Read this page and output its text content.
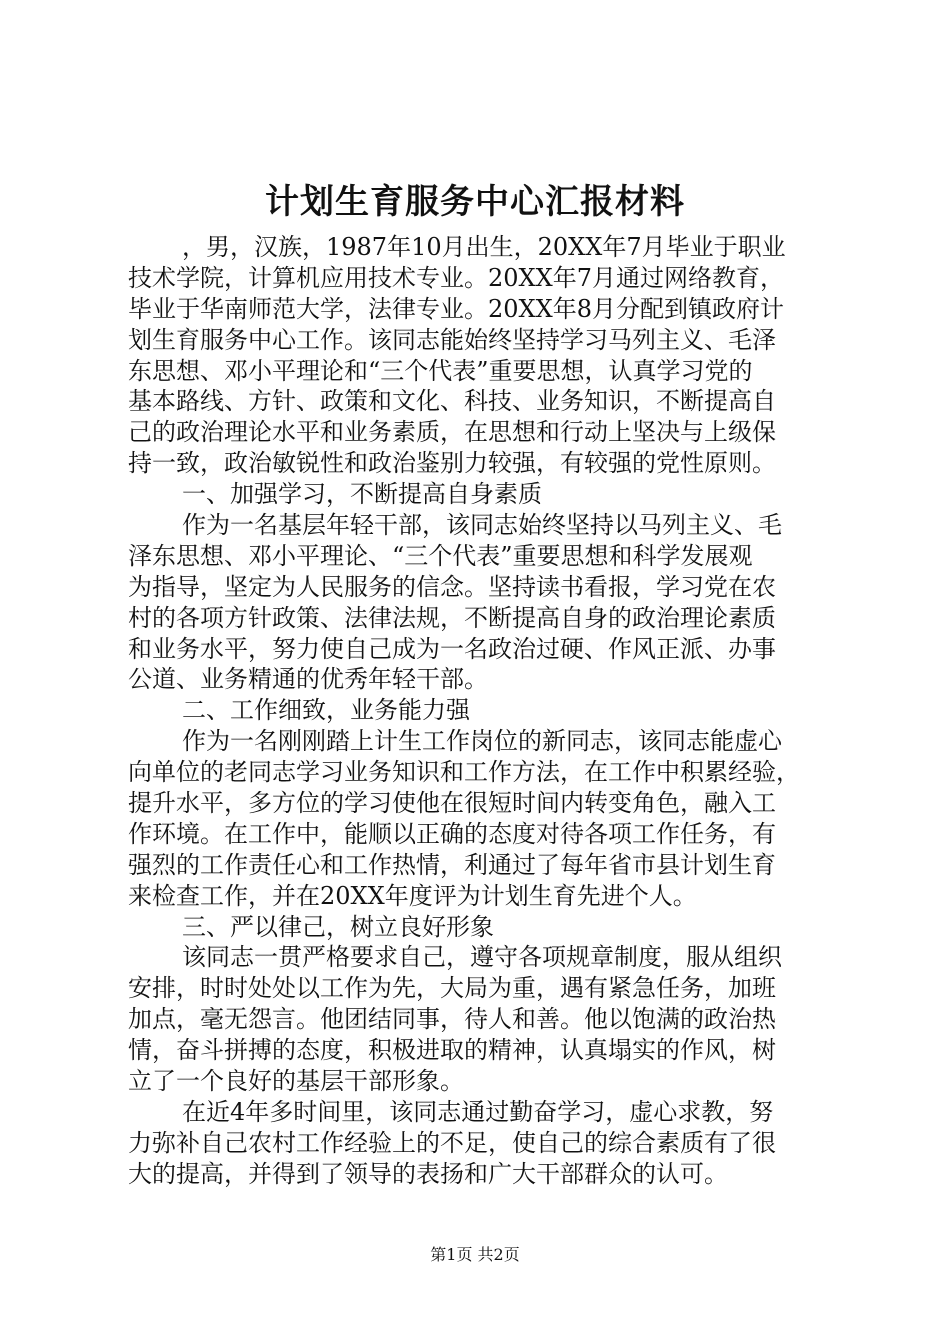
计划生育服务中心汇报材料
，男，汉族，1987年10月出生，20XX年7月毕业于职业
技术学院，计算机应用技术专业。20XX年7月通过网络教育，
毕业于华南师范大学，法律专业。20XX年8月分配到镇政府计
划生育服务中心工作。该同志能始终坚持学习马列主义、毛泽
东思想、邓小平理论和“三个代表”重要思想，认真学习党的
基本路线、方针、政策和文化、科技、业务知识，不断提高自
己的政治理论水平和业务素质，在思想和行动上坚决与上级保
持一致，政治敏锐性和政治鉴别力较强，有较强的党性原则。
一、加强学习，不断提高自身素质
作为一名基层年轻干部，该同志始终坚持以马列主义、毛
泽东思想、邓小平理论、“三个代表”重要思想和科学发展观
为指导，坚定为人民服务的信念。坚持读书看报，学习党在农
村的各项方针政策、法律法规，不断提高自身的政治理论素质
和业务水平，努力使自己成为一名政治过硬、作风正派、办事
公道、业务精通的优秀年轻干部。
二、工作细致，业务能力强
作为一名刚刚踏上计生工作岗位的新同志，该同志能虚心
向单位的老同志学习业务知识和工作方法，在工作中积累经验，
提升水平，多方位的学习使他在很短时间内转变角色，融入工
作环境。在工作中，能顺以正确的态度对待各项工作任务，有
强烈的工作责任心和工作热情，利通过了每年省市县计划生育
来检查工作，并在20XX年度评为计划生育先进个人。
三、严以律己，树立良好形象
该同志一贯严格要求自己，遵守各项规章制度，服从组织
安排，时时处处以工作为先，大局为重，遇有紧急任务，加班
加点，毫无怨言。他团结同事，待人和善。他以饱满的政治热
情，奋斗拼搏的态度，积极进取的精神，认真塌实的作风，树
立了一个良好的基层干部形象。
在近4年多时间里，该同志通过勤奋学习，虚心求教，努
力弥补自己农村工作经验上的不足，使自己的综合素质有了很
大的提高，并得到了领导的表扬和广大干部群众的认可。
第1页 共2页
